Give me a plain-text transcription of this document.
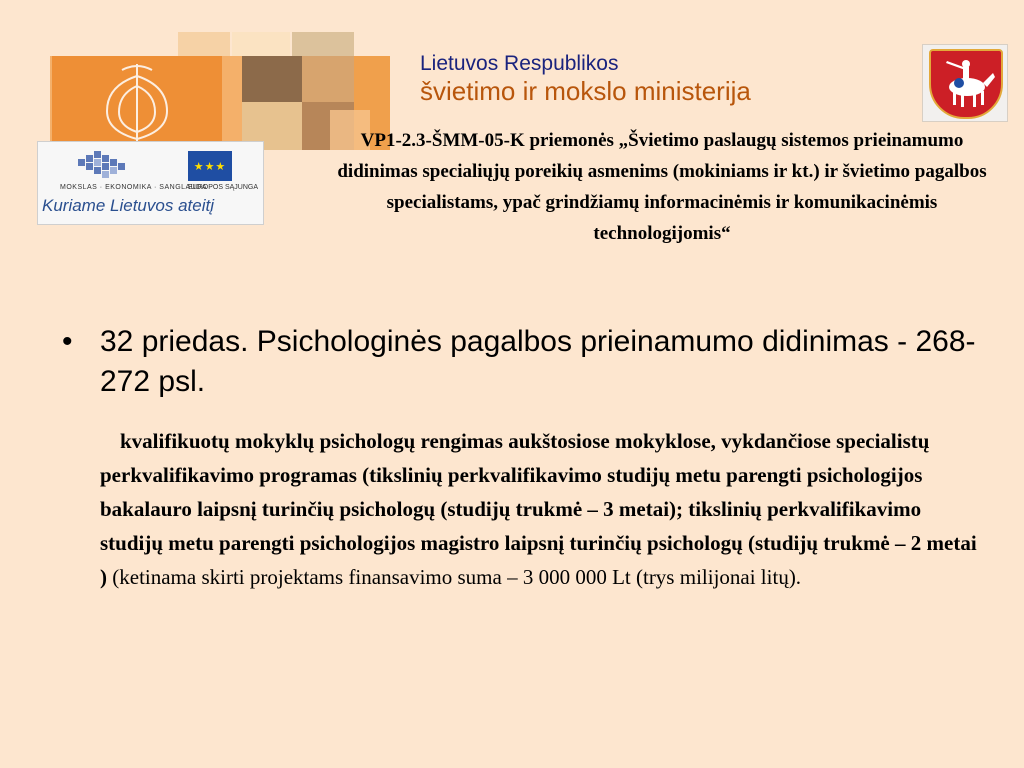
Lietuvos Respublikos
švietimo ir mokslo ministerija
★★★
MOKSLAS · EKONOMIKA · SANGLAUDA
EUROPOS SĄJUNGA
Kuriame Lietuvos ateitį
VP1-2.3-ŠMM-05-K priemonės „Švietimo paslaugų sistemos prieinamumo didinimas specialiųjų poreikių asmenims (mokiniams ir kt.) ir švietimo pagalbos specialistams, ypač grindžiamų informacinėmis ir komunikacinėmis technologijomis“
• 32 priedas. Psichologinės pagalbos prieinamumo didinimas - 268-272 psl.
kvalifikuotų mokyklų psichologų rengimas aukštosiose mokyklose, vykdančiose specialistų perkvalifikavimo programas (tikslinių perkvalifikavimo studijų metu parengti psichologijos bakalauro laipsnį turinčių psichologų (studijų trukmė – 3 metai); tikslinių perkvalifikavimo studijų metu parengti psichologijos magistro laipsnį turinčių psichologų (studijų trukmė – 2 metai ) (ketinama skirti projektams finansavimo suma – 3 000 000 Lt (trys milijonai litų).
